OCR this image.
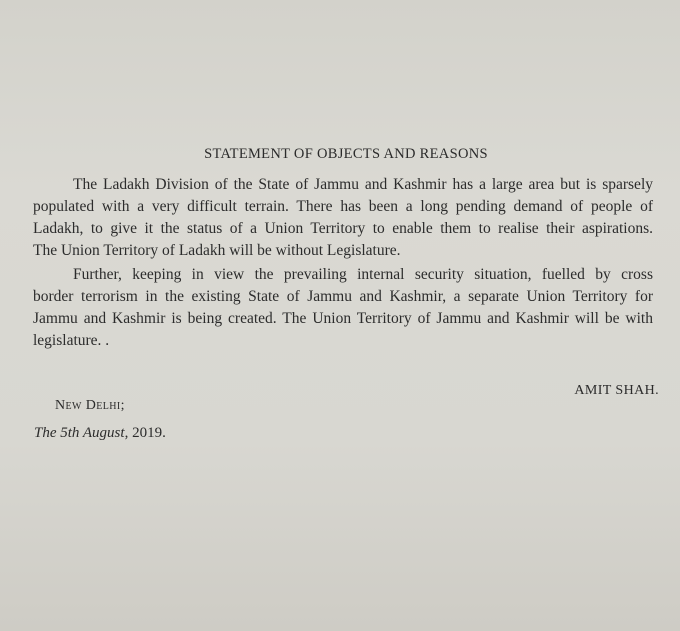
STATEMENT OF OBJECTS AND REASONS
The Ladakh Division of the State of Jammu and Kashmir has a large area but is sparsely
populated with a very difficult terrain. There has been a long pending demand of people of
Ladakh, to give it the status of a Union Territory to enable them to realise their aspirations.
The Union Territory of Ladakh will be without Legislature.
Further, keeping in view the prevailing internal security situation, fuelled by cross
border terrorism in the existing State of Jammu and Kashmir, a separate Union Territory for
Jammu and Kashmir is being created. The Union Territory of Jammu and Kashmir will be with
legislature. .
AMIT SHAH.
New Delhi;
The 5th August, 2019.
